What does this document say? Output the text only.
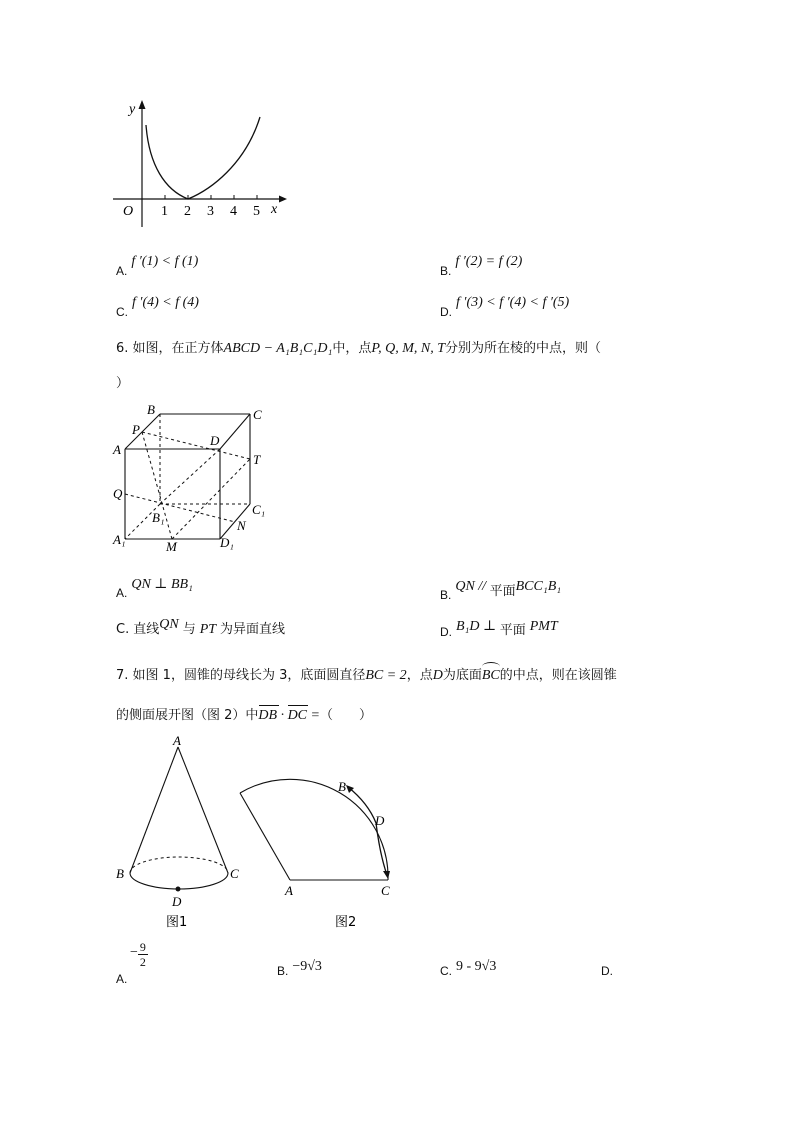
y
O	x
1 2 3 4 5
$_{A.}$ f ′(1) < f (1)
$_{B.}$ f ′(2) = f (2)
$_{C.}$ f ′(4) < f (4)
$_{D.}$ f ′(3) < f ′(4) < f ′(5)
6. 如图，在正方体ABCD − A₁B₁C₁D₁中，点P, Q, M, N, T分别为所在棱的中点，则（
）
B	C
P
D
A
T
Q
C₁
B₁
N
A₁	M	D₁
$_{A.}$ QN ⊥ BB₁
$_{B.}$ QN // $_{平面}$BCC₁B₁
C. 直线QN 与 PT 为异面直线	$_{D.}$ B₁D ⊥ $_{平面}$ PMT
7. 如图 1，圆锥的母线长为 3，底面圆直径BC = 2，点D为底面
BC的中点，则在该圆锥
的侧面展开图（图 2）中
DB · DC =（　　）
A
B	C
D
图1
B
D
A	C
图2
$_{A.}$
− $\frac{9}{2}$
$_{B.}$ −9√3	$_{C.}$ 9 - 9√3	D.
